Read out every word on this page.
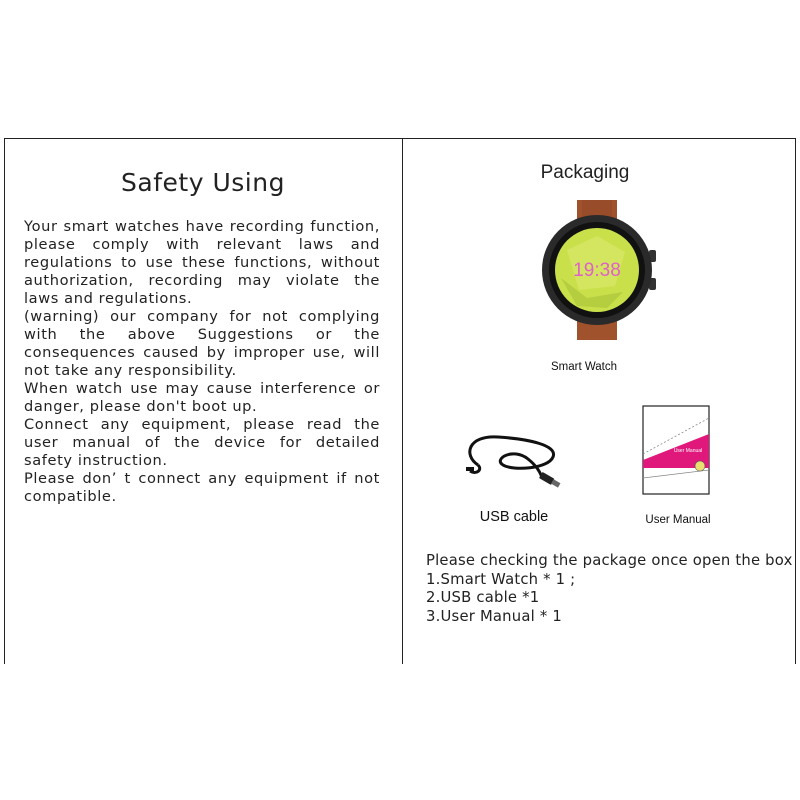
Safety Using

Your smart watches have recording function, please comply with relevant laws and regulations to use these functions, without authorization, recording may violate the laws and regulations.

(warning) our company for not complying with the above Suggestions or the consequences caused by improper use, will not take any responsibility.

When watch use may cause interference or danger, please don't boot up.

Connect any equipment, please read the user manual of the device for detailed safety instruction.

Please don’ t connect any equipment if not compatible.

Packaging
19:38
Smart Watch
USB cable
User Manual
User Manual
Please checking the package once open the box
1.Smart Watch * 1 ;
2.USB cable *1
3.User Manual * 1
